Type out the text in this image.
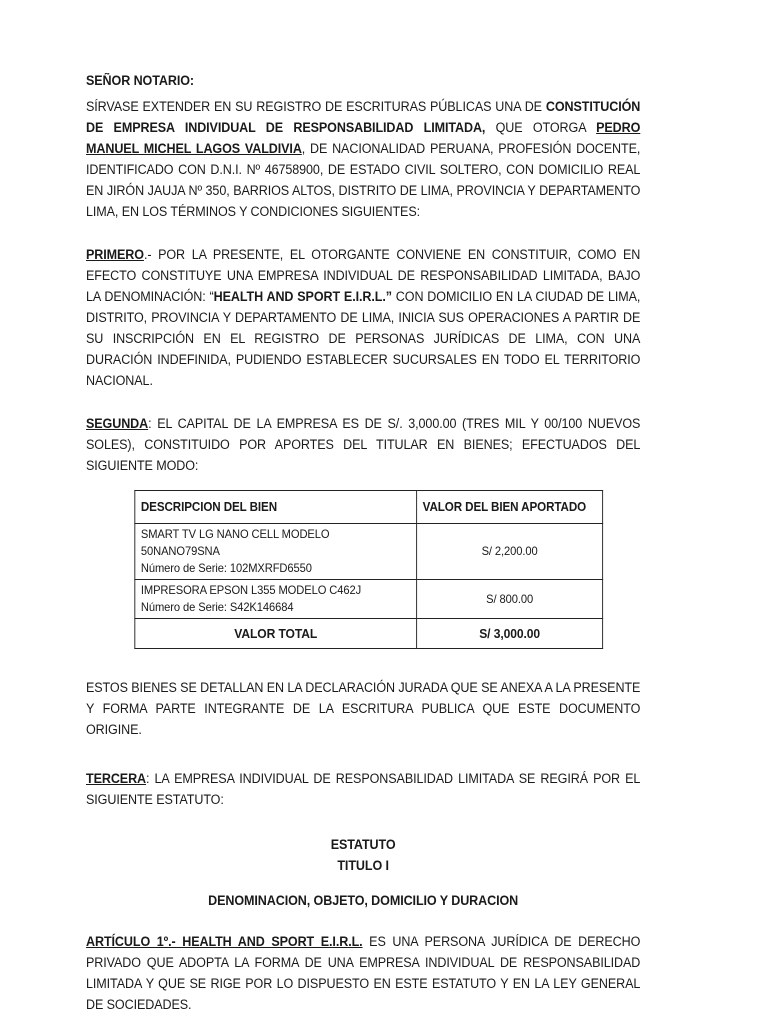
SEÑOR NOTARIO:

SÍRVASE EXTENDER EN SU REGISTRO DE ESCRITURAS PÚBLICAS UNA DE CONSTITUCIÓN DE EMPRESA INDIVIDUAL DE RESPONSABILIDAD LIMITADA, QUE OTORGA PEDRO MANUEL MICHEL LAGOS VALDIVIA, DE NACIONALIDAD PERUANA, PROFESIÓN DOCENTE, IDENTIFICADO CON D.N.I. Nº 46758900, DE ESTADO CIVIL SOLTERO, CON DOMICILIO REAL EN JIRÓN JAUJA Nº 350, BARRIOS ALTOS, DISTRITO DE LIMA, PROVINCIA Y DEPARTAMENTO LIMA, EN LOS TÉRMINOS Y CONDICIONES SIGUIENTES:

PRIMERO.- POR LA PRESENTE, EL OTORGANTE CONVIENE EN CONSTITUIR, COMO EN EFECTO CONSTITUYE UNA EMPRESA INDIVIDUAL DE RESPONSABILIDAD LIMITADA, BAJO LA DENOMINACIÓN: “HEALTH AND SPORT E.I.R.L.” CON DOMICILIO EN LA CIUDAD DE LIMA, DISTRITO, PROVINCIA Y DEPARTAMENTO DE LIMA, INICIA SUS OPERACIONES A PARTIR DE SU INSCRIPCIÓN EN EL REGISTRO DE PERSONAS JURÍDICAS DE LIMA, CON UNA DURACIÓN INDEFINIDA, PUDIENDO ESTABLECER SUCURSALES EN TODO EL TERRITORIO NACIONAL.

SEGUNDA: EL CAPITAL DE LA EMPRESA ES DE S/. 3,000.00 (TRES MIL Y 00/100 NUEVOS SOLES), CONSTITUIDO POR APORTES DEL TITULAR EN BIENES; EFECTUADOS DEL SIGUIENTE MODO:

DESCRIPCION DEL BIEN	VALOR DEL BIEN APORTADO

SMART TV LG NANO CELL MODELO 50NANO79SNA
Número de Serie: 102MXRFD6550	S/ 2,200.00

IMPRESORA EPSON L355 MODELO C462J
Número de Serie: S42K146684	S/ 800.00
VALOR TOTAL	S/ 3,000.00

ESTOS BIENES SE DETALLAN EN LA DECLARACIÓN JURADA QUE SE ANEXA A LA PRESENTE Y FORMA PARTE INTEGRANTE DE LA ESCRITURA PUBLICA QUE ESTE DOCUMENTO ORIGINE.

TERCERA: LA EMPRESA INDIVIDUAL DE RESPONSABILIDAD LIMITADA SE REGIRÁ POR EL SIGUIENTE ESTATUTO:

ESTATUTO

TITULO I

DENOMINACION, OBJETO, DOMICILIO Y DURACION

ARTÍCULO 1º.- HEALTH AND SPORT E.I.R.L. ES UNA PERSONA JURÍDICA DE DERECHO PRIVADO QUE ADOPTA LA FORMA DE UNA EMPRESA INDIVIDUAL DE RESPONSABILIDAD LIMITADA Y QUE SE RIGE POR LO DISPUESTO EN ESTE ESTATUTO Y EN LA LEY GENERAL DE SOCIEDADES.
